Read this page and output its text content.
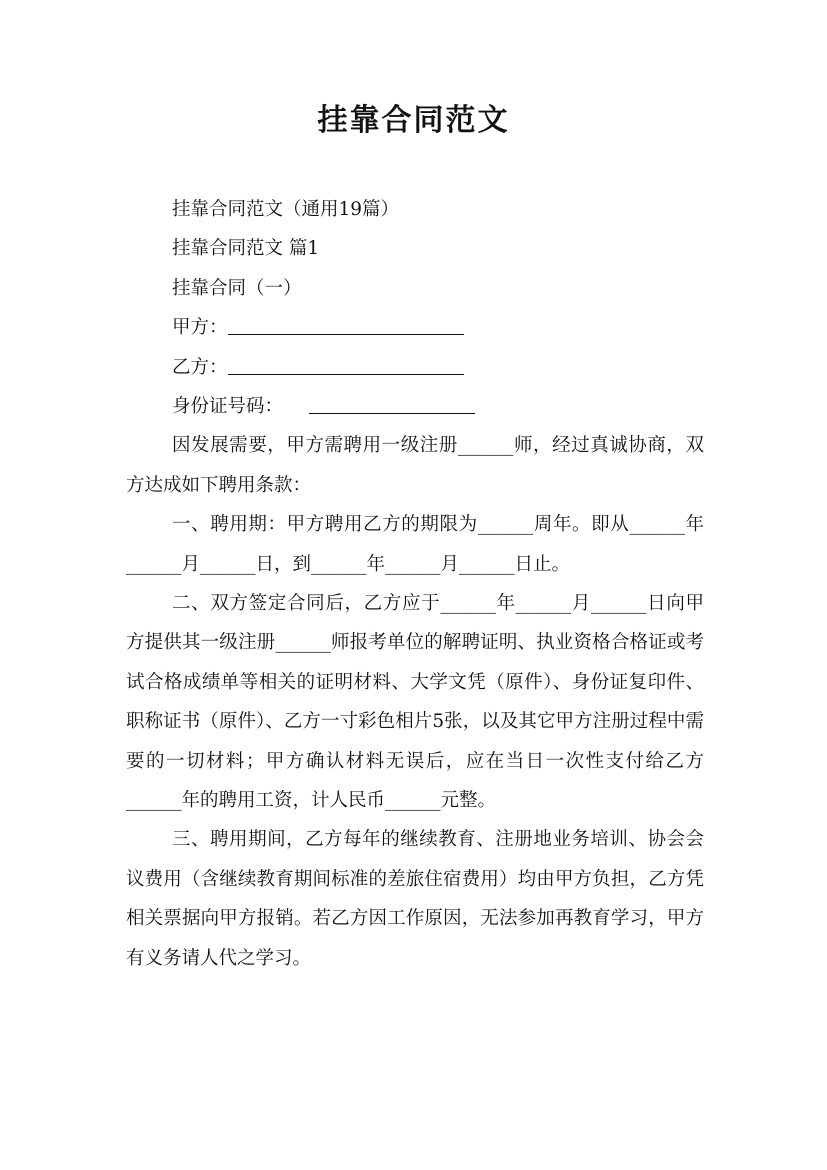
挂靠合同范文
挂靠合同范文（通用19篇）
挂靠合同范文 篇1
挂靠合同（一）
甲方：
乙方：
身份证号码：
因发展需要，甲方需聘用一级注册______师，经过真诚协商，双方达成如下聘用条款：
一、聘用期：甲方聘用乙方的期限为______周年。即从______年______月______日，到______年______月______日止。
二、双方签定合同后，乙方应于______年______月______日向甲方提供其一级注册______师报考单位的解聘证明、执业资格合格证或考试合格成绩单等相关的证明材料、大学文凭（原件）、身份证复印件、职称证书（原件）、乙方一寸彩色相片5张，以及其它甲方注册过程中需要的一切材料；甲方确认材料无误后，应在当日一次性支付给乙方______年的聘用工资，计人民币______元整。
三、聘用期间，乙方每年的继续教育、注册地业务培训、协会会议费用（含继续教育期间标准的差旅住宿费用）均由甲方负担，乙方凭相关票据向甲方报销。若乙方因工作原因，无法参加再教育学习，甲方有义务请人代之学习。
